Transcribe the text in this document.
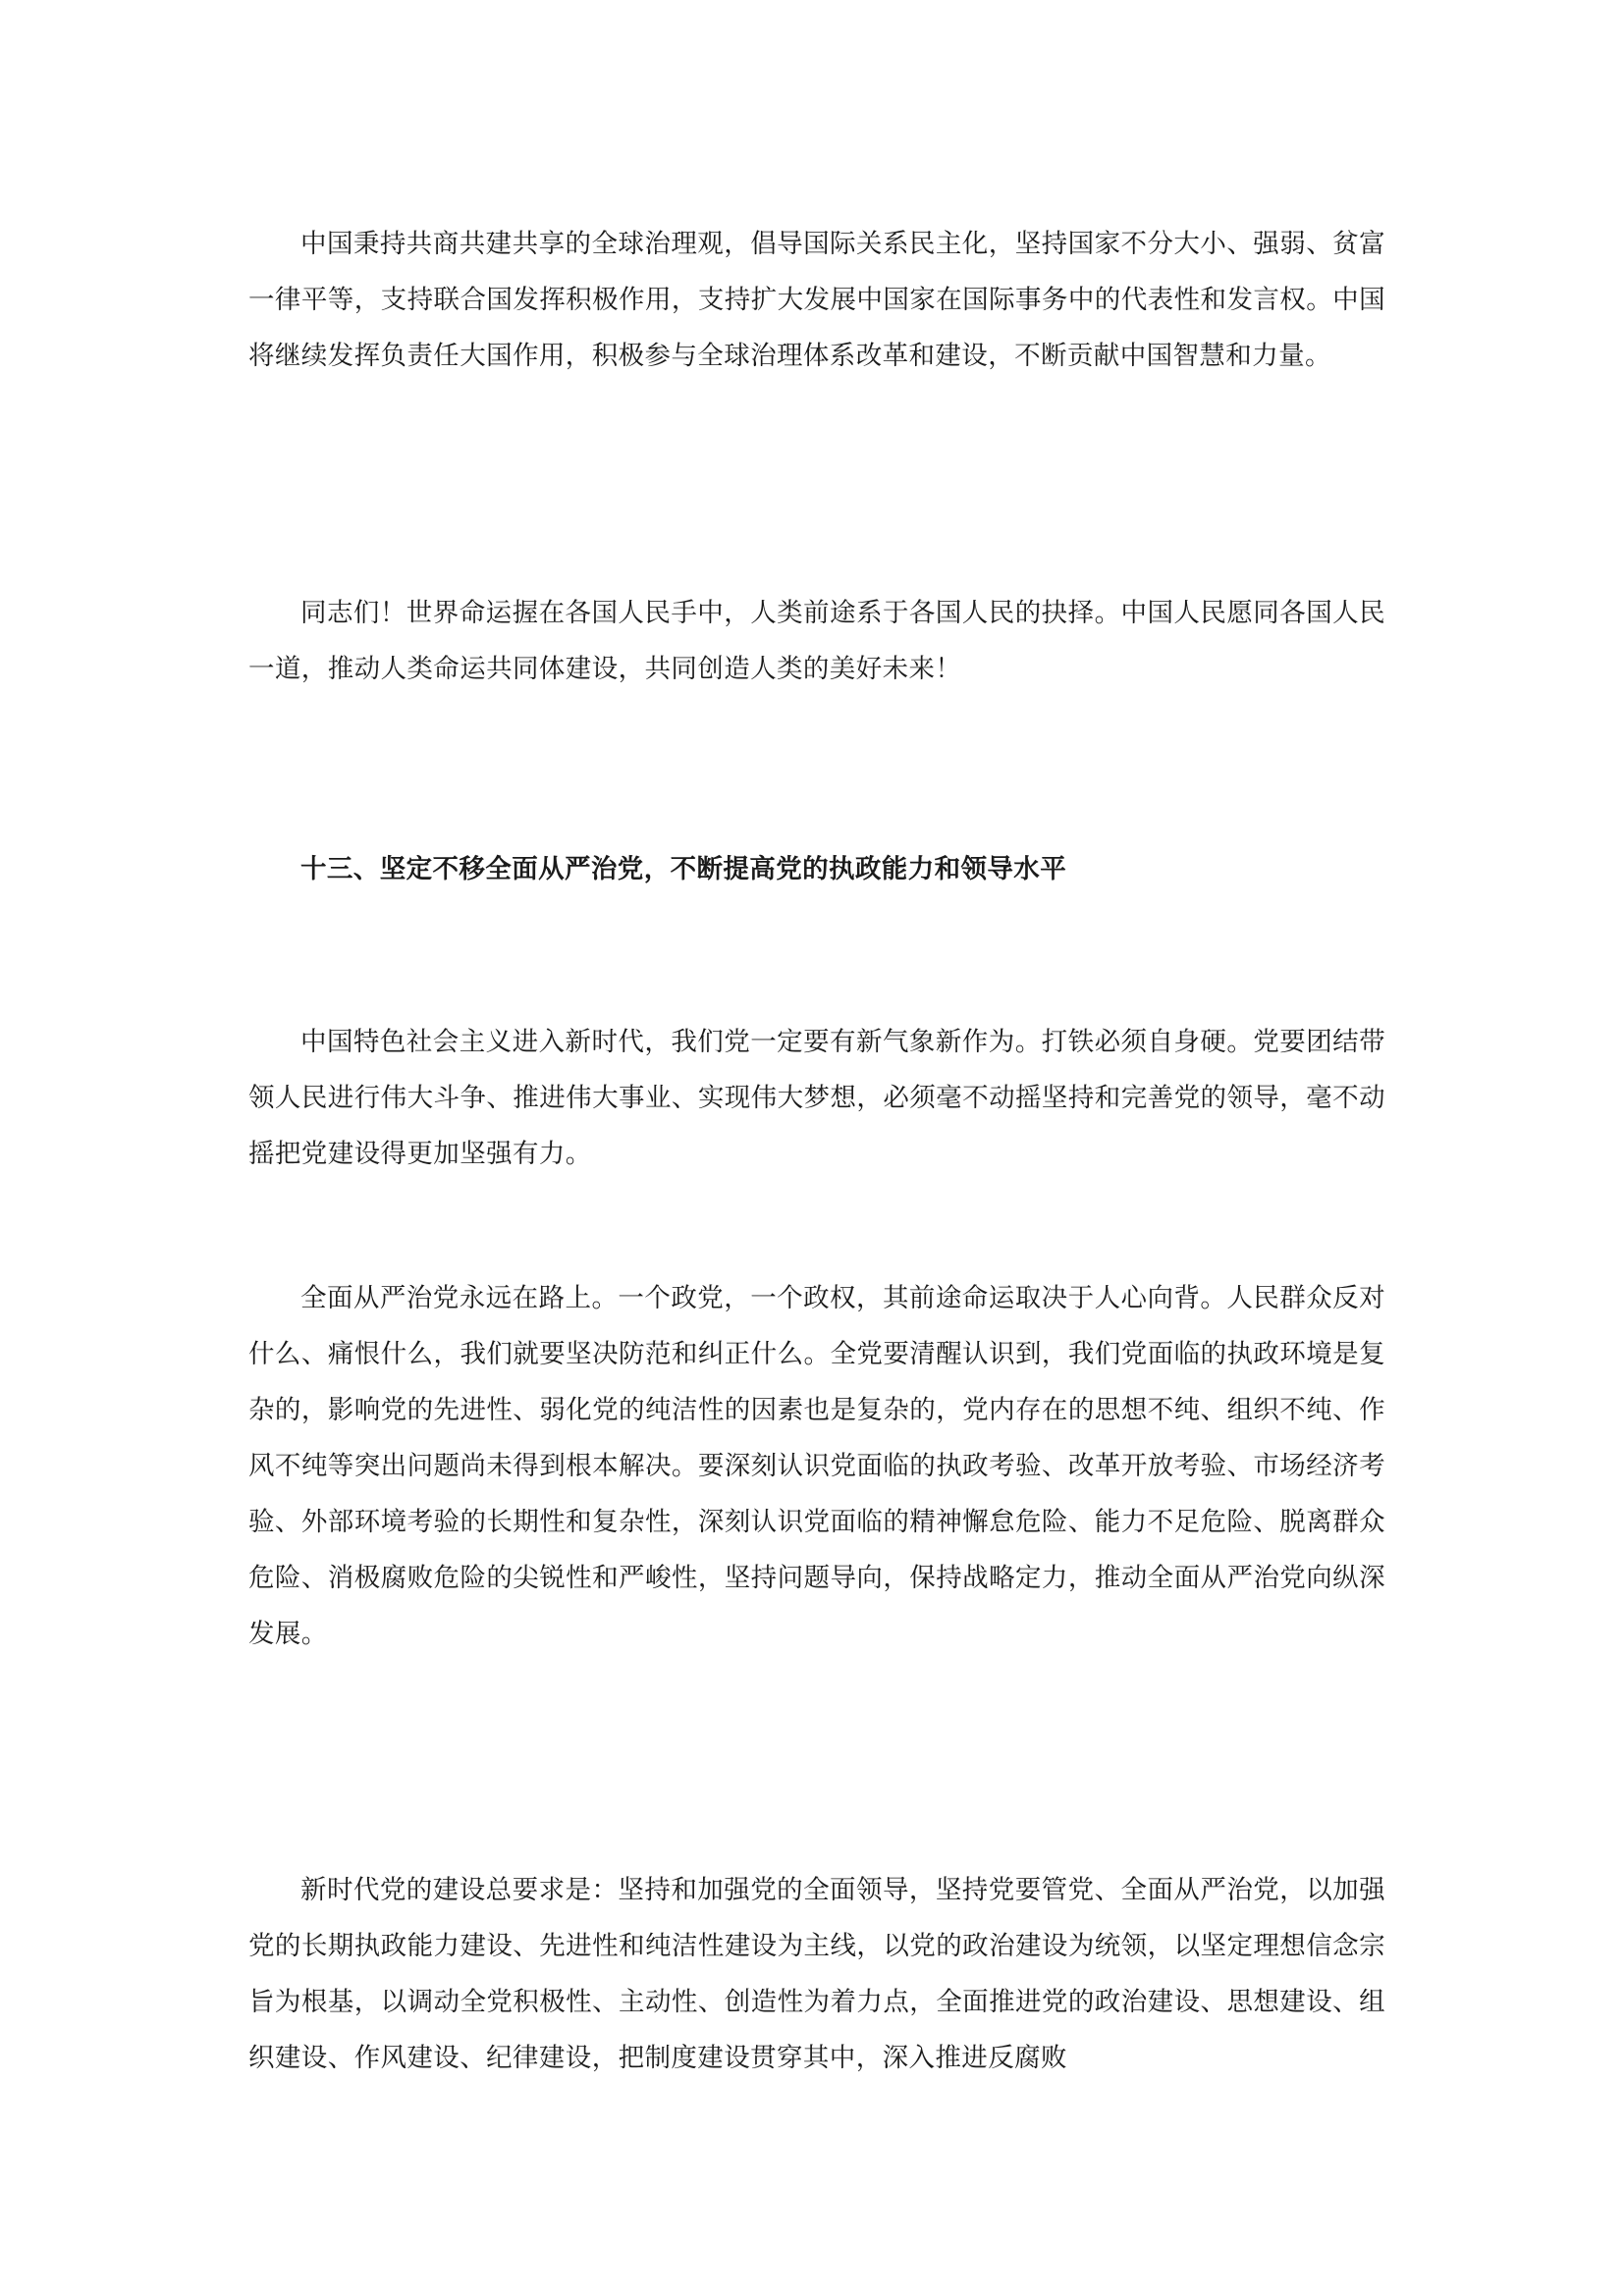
中国秉持共商共建共享的全球治理观，倡导国际关系民主化，坚持国家不分大小、强弱、贫富一律平等，支持联合国发挥积极作用，支持扩大发展中国家在国际事务中的代表性和发言权。中国将继续发挥负责任大国作用，积极参与全球治理体系改革和建设，不断贡献中国智慧和力量。

同志们！世界命运握在各国人民手中，人类前途系于各国人民的抉择。中国人民愿同各国人民一道，推动人类命运共同体建设，共同创造人类的美好未来！

十三、坚定不移全面从严治党，不断提高党的执政能力和领导水平

中国特色社会主义进入新时代，我们党一定要有新气象新作为。打铁必须自身硬。党要团结带领人民进行伟大斗争、推进伟大事业、实现伟大梦想，必须毫不动摇坚持和完善党的领导，毫不动摇把党建设得更加坚强有力。

全面从严治党永远在路上。一个政党，一个政权，其前途命运取决于人心向背。人民群众反对什么、痛恨什么，我们就要坚决防范和纠正什么。全党要清醒认识到，我们党面临的执政环境是复杂的，影响党的先进性、弱化党的纯洁性的因素也是复杂的，党内存在的思想不纯、组织不纯、作风不纯等突出问题尚未得到根本解决。要深刻认识党面临的执政考验、改革开放考验、市场经济考验、外部环境考验的长期性和复杂性，深刻认识党面临的精神懈怠危险、能力不足危险、脱离群众危险、消极腐败危险的尖锐性和严峻性，坚持问题导向，保持战略定力，推动全面从严治党向纵深发展。

新时代党的建设总要求是：坚持和加强党的全面领导，坚持党要管党、全面从严治党，以加强党的长期执政能力建设、先进性和纯洁性建设为主线，以党的政治建设为统领，以坚定理想信念宗旨为根基，以调动全党积极性、主动性、创造性为着力点，全面推进党的政治建设、思想建设、组织建设、作风建设、纪律建设，把制度建设贯穿其中，深入推进反腐败
